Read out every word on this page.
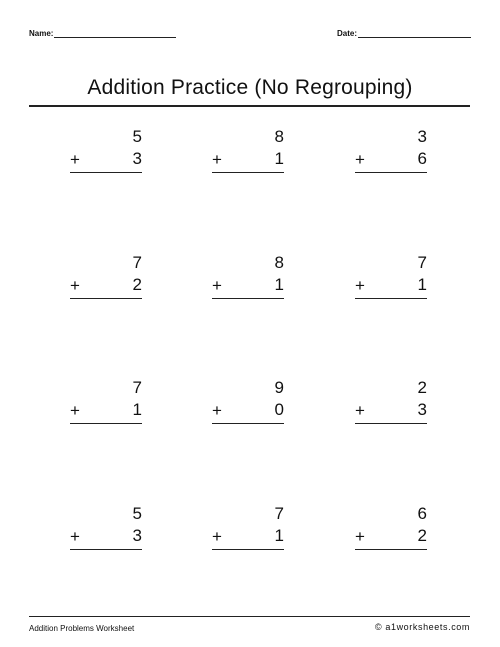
Name:	Date:
Addition Practice (No Regrouping)
5
+	3
8
+	1
3
+	6
7
+	2
8
+	1
7
+	1
7
+	1
9
+	0
2
+	3
5
+	3
7
+	1
6
+	2
Addition Problems Worksheet	© a1worksheets.com
